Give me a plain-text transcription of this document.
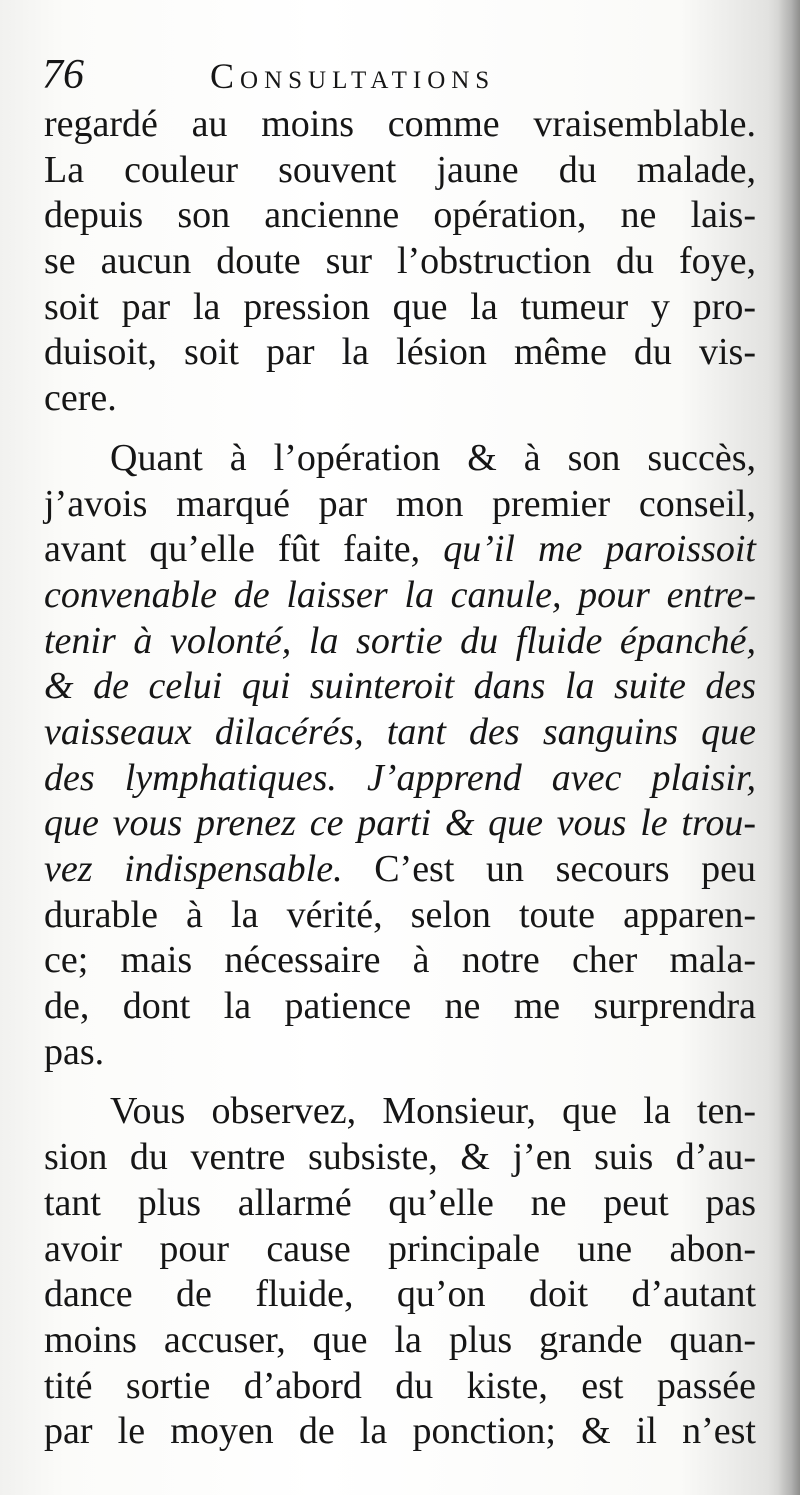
76	Consultations
regardé au moins comme vraisemblable.
La couleur souvent jaune du malade,
depuis son ancienne opération, ne lais-
se aucun doute sur l’obstruction du foye,
soit par la pression que la tumeur y pro-
duisoit, soit par la lésion même du vis-
cere.
Quant à l’opération & à son succès,
j’avois marqué par mon premier conseil,
avant qu’elle fût faite, qu’il me paroissoit
convenable de laisser la canule, pour entre-
tenir à volonté, la sortie du fluide épanché,
& de celui qui suinteroit dans la suite des
vaisseaux dilacérés, tant des sanguins que
des lymphatiques. J’apprend avec plaisir,
que vous prenez ce parti & que vous le trou-
vez indispensable. C’est un secours peu
durable à la vérité, selon toute apparen-
ce; mais nécessaire à notre cher mala-
de, dont la patience ne me surprendra
pas.
Vous observez, Monsieur, que la ten-
sion du ventre subsiste, & j’en suis d’au-
tant plus allarmé qu’elle ne peut pas
avoir pour cause principale une abon-
dance de fluide, qu’on doit d’autant
moins accuser, que la plus grande quan-
tité sortie d’abord du kiste, est passée
par le moyen de la ponction; & il n’est
